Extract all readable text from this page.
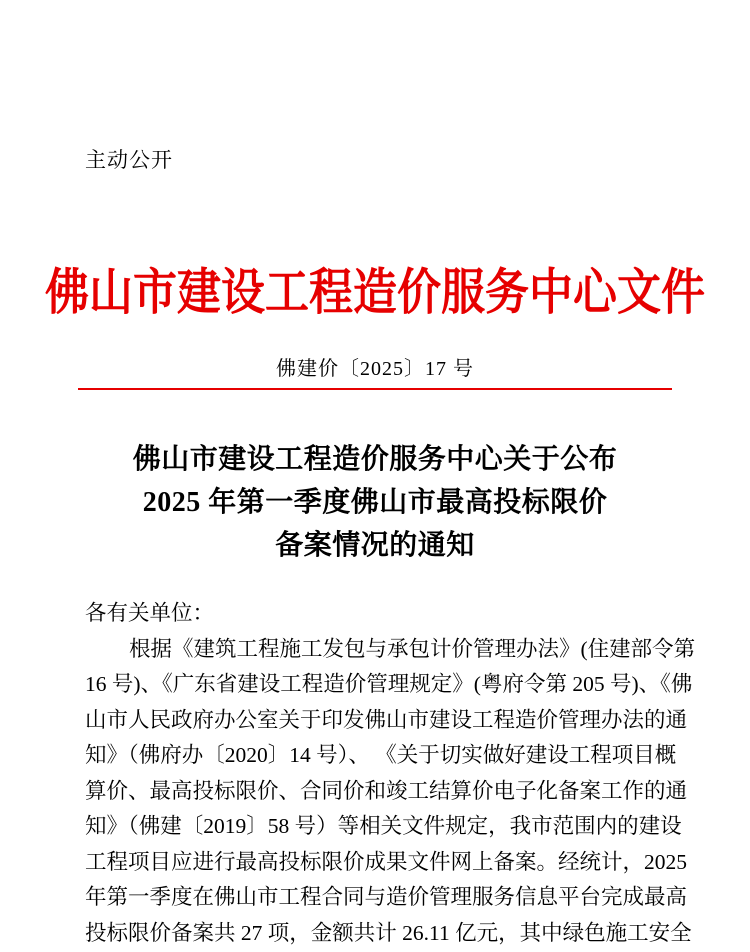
主动公开
佛山市建设工程造价服务中心文件
佛建价〔2025〕17 号
佛山市建设工程造价服务中心关于公布
2025 年第一季度佛山市最高投标限价
备案情况的通知
各有关单位：
根据《建筑工程施工发包与承包计价管理办法》(住建部令第
16 号)、《广东省建设工程造价管理规定》(粤府令第 205 号)、《佛
山市人民政府办公室关于印发佛山市建设工程造价管理办法的通
知》（佛府办〔2020〕14 号）、 《关于切实做好建设工程项目概
算价、最高投标限价、合同价和竣工结算价电子化备案工作的通
知》（佛建〔2019〕58 号）等相关文件规定，我市范围内的建设
工程项目应进行最高投标限价成果文件网上备案。经统计，2025
年第一季度在佛山市工程合同与造价管理服务信息平台完成最高
投标限价备案共 27 项，金额共计 26.11 亿元，其中绿色施工安全
